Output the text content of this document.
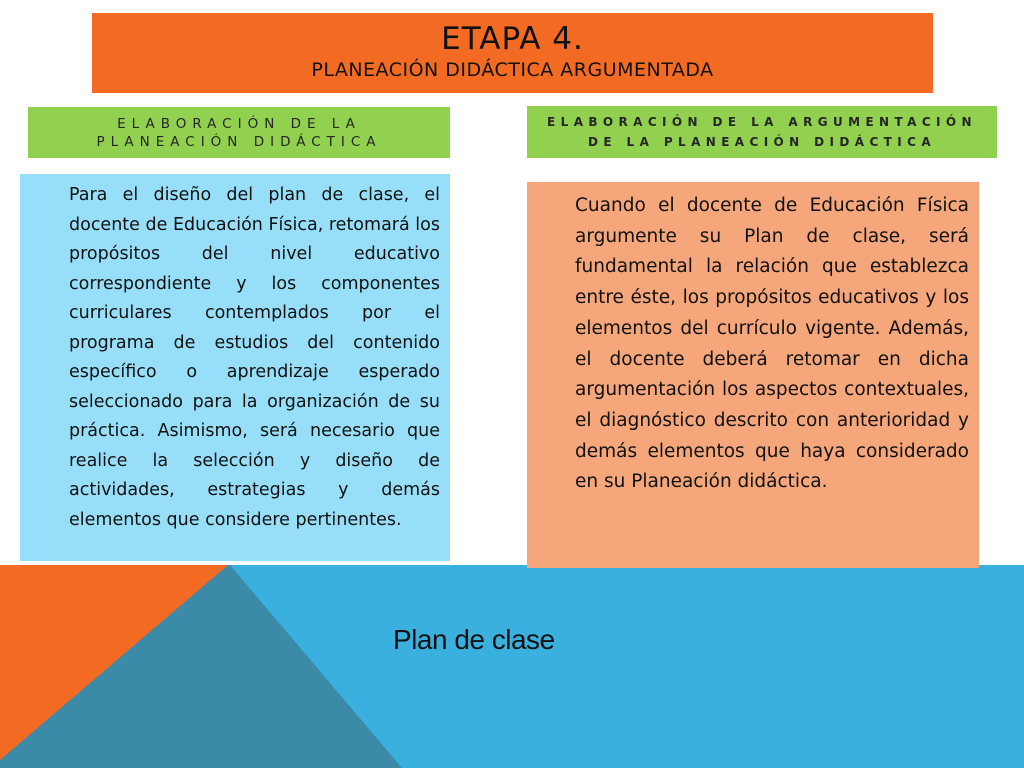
ETAPA 4.
PLANEACIÓN DIDÁCTICA ARGUMENTADA
ELABORACIÓN DE LA PLANEACIÓN DIDÁCTICA
ELABORACIÓN DE LA ARGUMENTACIÓN DE LA PLANEACIÓN DIDÁCTICA
Para el diseño del plan de clase, el docente de Educación Física, retomará los propósitos del nivel educativo correspondiente y los componentes curriculares contemplados por el programa de estudios del contenido específico o aprendizaje esperado seleccionado para la organización de su práctica. Asimismo, será necesario que realice la selección y diseño de actividades, estrategias y demás elementos que considere pertinentes.
Cuando el docente de Educación Física argumente su Plan de clase, será fundamental la relación que establezca entre éste, los propósitos educativos y los elementos del currículo vigente. Además, el docente deberá retomar en dicha argumentación los aspectos contextuales, el diagnóstico descrito con anterioridad y demás elementos que haya considerado en su Planeación didáctica.
Plan de clase
